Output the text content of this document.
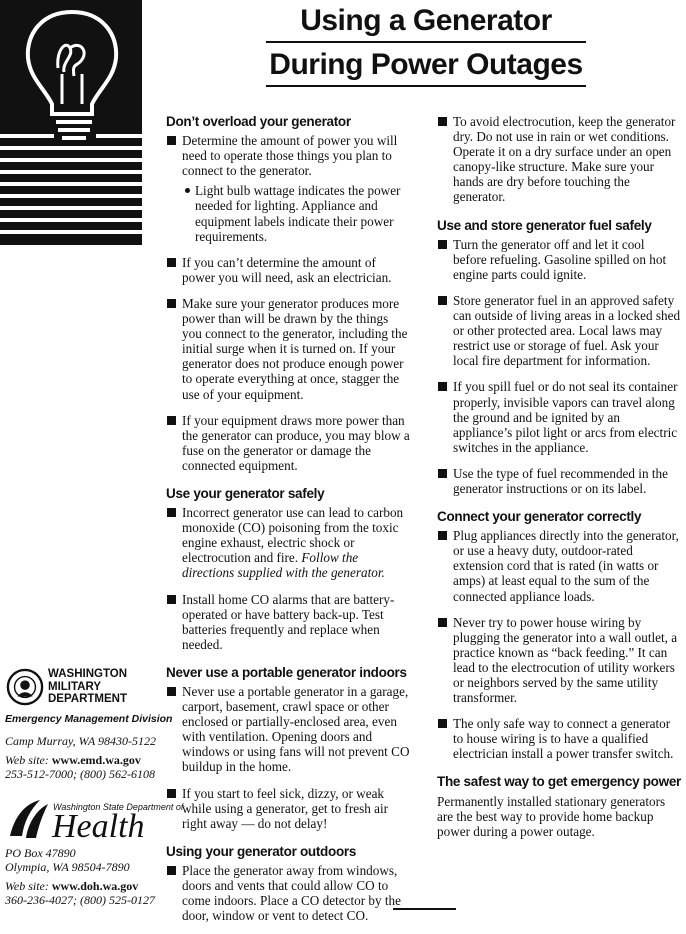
Using a Generator
During Power Outages
Don’t overload your generator
Determine the amount of power you will need to operate those things you plan to connect to the generator.
Light bulb wattage indicates the power needed for lighting. Appliance and equipment labels indicate their power requirements.
If you can’t determine the amount of power you will need, ask an electrician.
Make sure your generator produces more power than will be drawn by the things you connect to the generator, including the initial surge when it is turned on. If your generator does not produce enough power to operate everything at once, stagger the use of your equipment.
If your equipment draws more power than the generator can produce, you may blow a fuse on the generator or damage the connected equipment.
Use your generator safely
Incorrect generator use can lead to carbon monoxide (CO) poisoning from the toxic engine exhaust, electric shock or electrocution and fire. Follow the directions supplied with the generator.
Install home CO alarms that are battery-operated or have battery back-up. Test batteries frequently and replace when needed.
Never use a portable generator indoors
Never use a portable generator in a garage, carport, basement, crawl space or other enclosed or partially-enclosed area, even with ventilation. Opening doors and windows or using fans will not prevent CO buildup in the home.
If you start to feel sick, dizzy, or weak while using a generator, get to fresh air right away — do not delay!
Using your generator outdoors
Place the generator away from windows, doors and vents that could allow CO to come indoors. Place a CO detector by the door, window or vent to detect CO.
To avoid electrocution, keep the generator dry. Do not use in rain or wet conditions. Operate it on a dry surface under an open canopy-like structure. Make sure your hands are dry before touching the generator.
Use and store generator fuel safely
Turn the generator off and let it cool before refueling. Gasoline spilled on hot engine parts could ignite.
Store generator fuel in an approved safety can outside of living areas in a locked shed or other protected area. Local laws may restrict use or storage of fuel. Ask your local fire department for information.
If you spill fuel or do not seal its container properly, invisible vapors can travel along the ground and be ignited by an appliance’s pilot light or arcs from electric switches in the appliance.
Use the type of fuel recommended in the generator instructions or on its label.
Connect your generator correctly
Plug appliances directly into the generator, or use a heavy duty, outdoor-rated extension cord that is rated (in watts or amps) at least equal to the sum of the connected appliance loads.
Never try to power house wiring by plugging the generator into a wall outlet, a practice known as “back feeding.” It can lead to the electrocution of utility workers or neighbors served by the same utility transformer.
The only safe way to connect a generator to house wiring is to have a qualified electrician install a power transfer switch.
The safest way to get emergency power

Permanently installed stationary generators are the best way to provide home backup power during a power outage.

WASHINGTON
MILITARY
DEPARTMENT
Emergency Management Division
Camp Murray, WA 98430-5122
Web site: www.emd.wa.gov
253-512-7000; (800) 562-6108
Washington State Department of
Health
PO Box 47890
Olympia, WA 98504-7890
Web site: www.doh.wa.gov
360-236-4027; (800) 525-0127
